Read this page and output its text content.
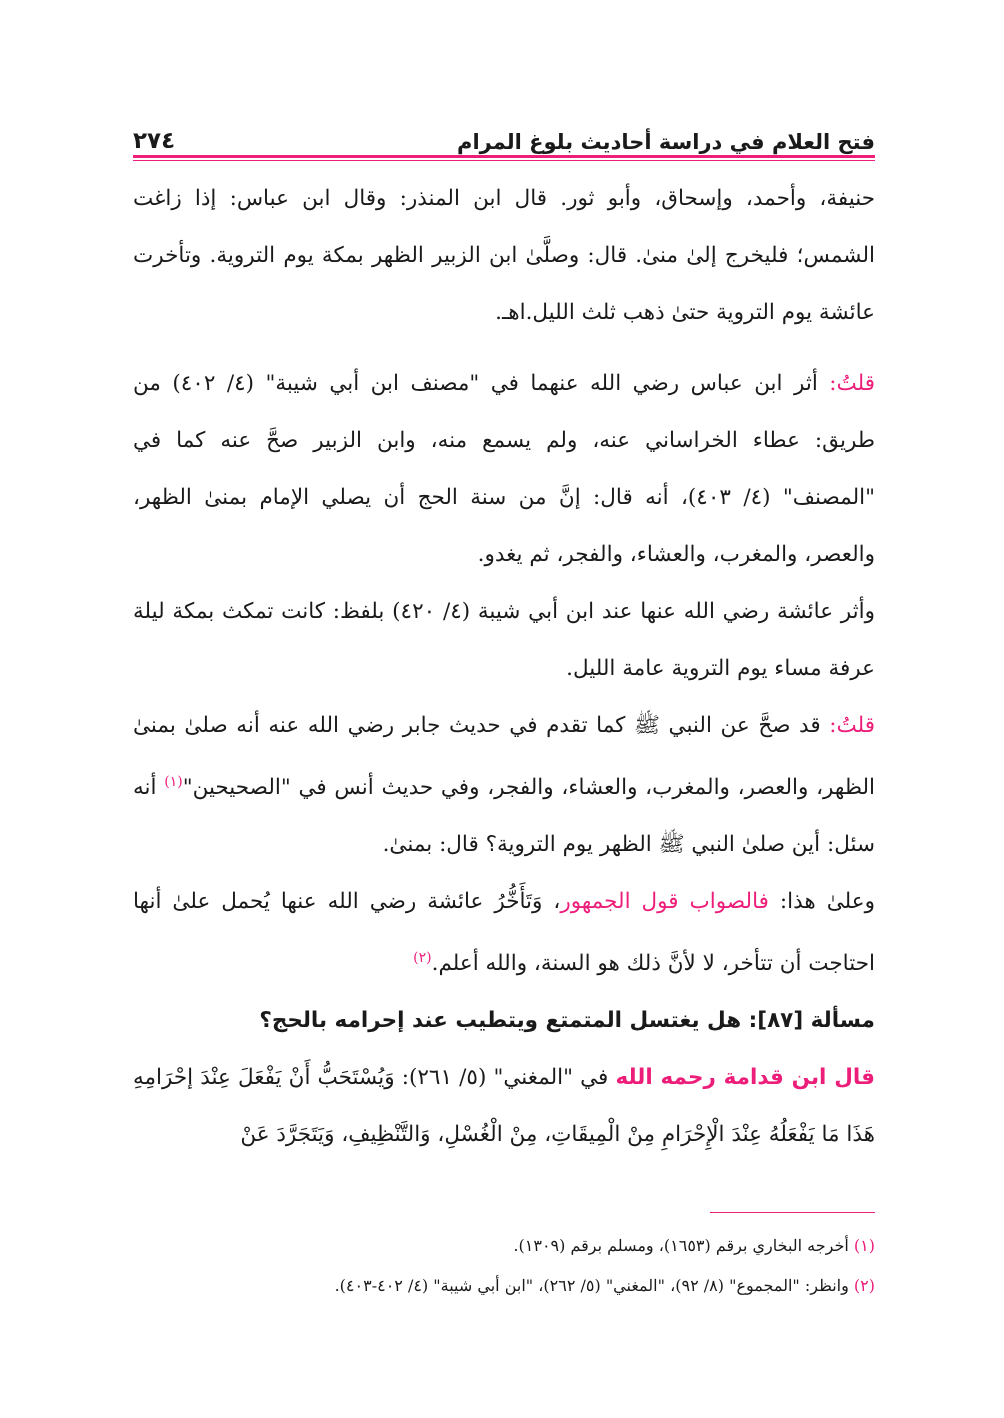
فتح العلام في دراسة أحاديث بلوغ المرام
٢٧٤

حنيفة، وأحمد، وإسحاق، وأبو ثور. قال ابن المنذر: وقال ابن عباس: إذا زاغت الشمس؛ فليخرج إلىٰ منىٰ. قال: وصلَّىٰ ابن الزبير الظهر بمكة يوم التروية. وتأخرت عائشة يوم التروية حتىٰ ذهب ثلث الليل.اهـ.

قلتُ: أثر ابن عباس رضي الله عنهما في "مصنف ابن أبي شيبة" (٤/ ٤٠٢) من طريق: عطاء الخراساني عنه، ولم يسمع منه، وابن الزبير صحَّ عنه كما في "المصنف" (٤/ ٤٠٣)، أنه قال: إنَّ من سنة الحج أن يصلي الإمام بمنىٰ الظهر، والعصر، والمغرب، والعشاء، والفجر، ثم يغدو.

وأثر عائشة رضي الله عنها عند ابن أبي شيبة (٤/ ٤٢٠) بلفظ: كانت تمكث بمكة ليلة عرفة مساء يوم التروية عامة الليل.

قلتُ: قد صحَّ عن النبي ﷺ كما تقدم في حديث جابر رضي الله عنه أنه صلىٰ بمنىٰ الظهر، والعصر، والمغرب، والعشاء، والفجر، وفي حديث أنس في "الصحيحين"$^{(١)}$ أنه سئل: أين صلىٰ النبي ﷺ الظهر يوم التروية؟ قال: بمنىٰ.

وعلىٰ هذا: فالصواب قول الجمهور، وَتَأَخُّرُ عائشة رضي الله عنها يُحمل علىٰ أنها احتاجت أن تتأخر، لا لأنَّ ذلك هو السنة، والله أعلم.$^{(٢)}$

مسألة [٨٧]: هل يغتسل المتمتع ويتطيب عند إحرامه بالحج؟

قال ابن قدامة رحمه الله في "المغني" (٥/ ٢٦١): وَيُسْتَحَبُّ أَنْ يَفْعَلَ عِنْدَ إحْرَامِهِ هَذَا مَا يَفْعَلُهُ عِنْدَ الْإِحْرَامِ مِنْ الْمِيقَاتِ، مِنْ الْغُسْلِ، وَالتَّنْظِيفِ، وَيَتَجَرَّدَ عَنْ

(١) أخرجه البخاري برقم (١٦٥٣)، ومسلم برقم (١٣٠٩).
(٢) وانظر: "المجموع" (٨/ ٩٢)، "المغني" (٥/ ٢٦٢)، "ابن أبي شيبة" (٤/ ٤٠٢-٤٠٣).
